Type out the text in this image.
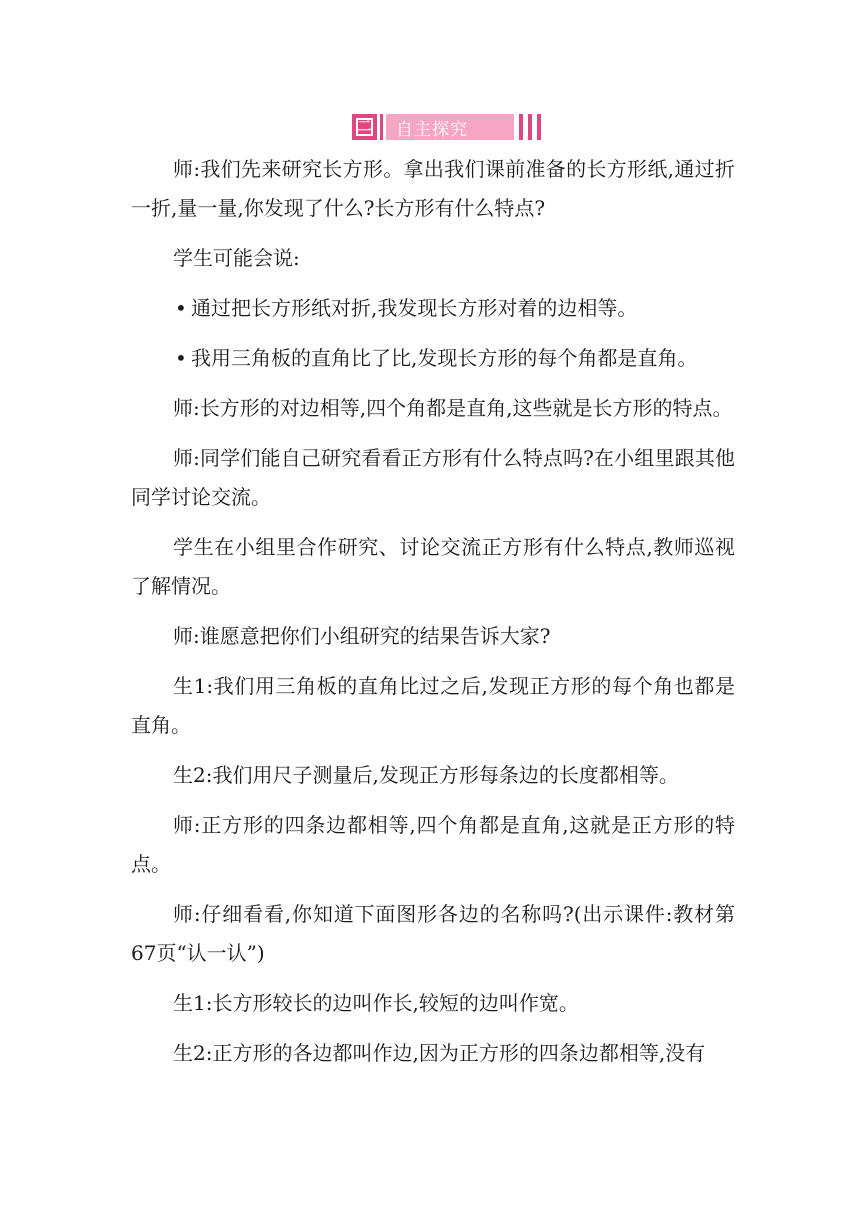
二	自主探究

师:我们先来研究长方形。拿出我们课前准备的长方形纸,通过折一折,量一量,你发现了什么?长方形有什么特点?

学生可能会说:

• 通过把长方形纸对折,我发现长方形对着的边相等。

• 我用三角板的直角比了比,发现长方形的每个角都是直角。

师:长方形的对边相等,四个角都是直角,这些就是长方形的特点。

师:同学们能自己研究看看正方形有什么特点吗?在小组里跟其他同学讨论交流。

学生在小组里合作研究、讨论交流正方形有什么特点,教师巡视了解情况。

师:谁愿意把你们小组研究的结果告诉大家?

生1:我们用三角板的直角比过之后,发现正方形的每个角也都是直角。

生2:我们用尺子测量后,发现正方形每条边的长度都相等。

师:正方形的四条边都相等,四个角都是直角,这就是正方形的特点。

师:仔细看看,你知道下面图形各边的名称吗?(出示课件:教材第67页“认一认”)

生1:长方形较长的边叫作长,较短的边叫作宽。

生2:正方形的各边都叫作边,因为正方形的四条边都相等,没有
